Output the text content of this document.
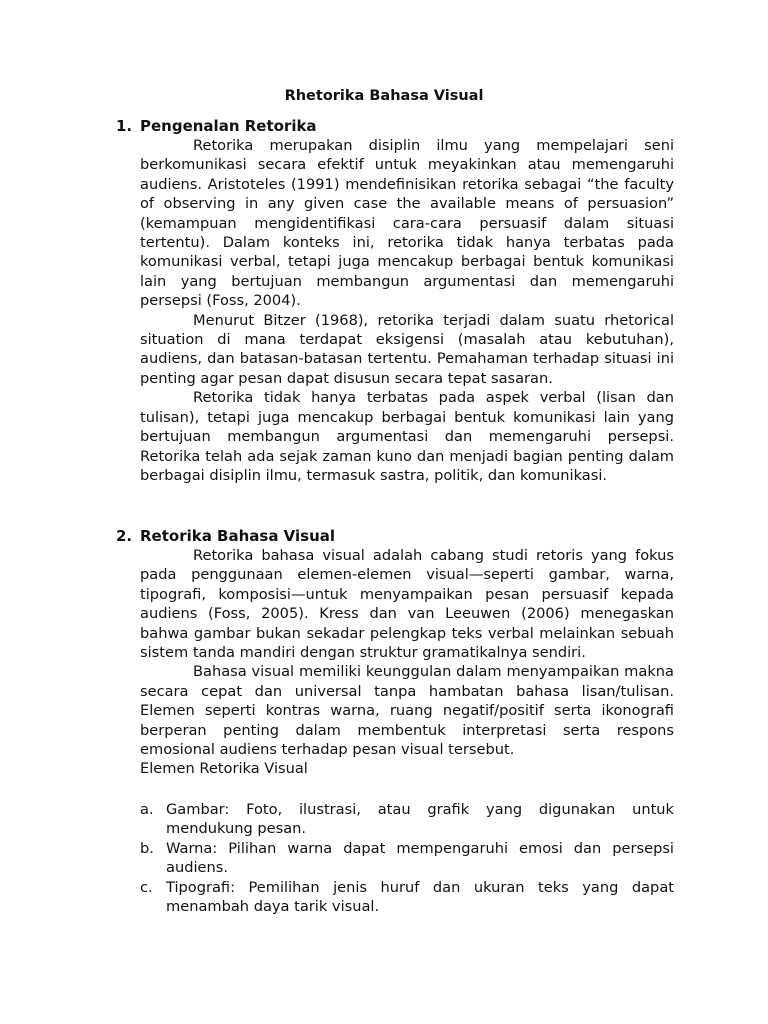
Rhetorika Bahasa Visual
1. Pengenalan Retorika

Retorika merupakan disiplin ilmu yang mempelajari seni berkomunikasi secara efektif untuk meyakinkan atau memengaruhi audiens. Aristoteles (1991) mendefinisikan retorika sebagai “the faculty of observing in any given case the available means of persuasion” (kemampuan mengidentifikasi cara-cara persuasif dalam situasi tertentu). Dalam konteks ini, retorika tidak hanya terbatas pada komunikasi verbal, tetapi juga mencakup berbagai bentuk komunikasi lain yang bertujuan membangun argumentasi dan memengaruhi persepsi (Foss, 2004).

Menurut Bitzer (1968), retorika terjadi dalam suatu rhetorical situation di mana terdapat eksigensi (masalah atau kebutuhan), audiens, dan batasan-batasan tertentu. Pemahaman terhadap situasi ini penting agar pesan dapat disusun secara tepat sasaran.

Retorika tidak hanya terbatas pada aspek verbal (lisan dan tulisan), tetapi juga mencakup berbagai bentuk komunikasi lain yang bertujuan membangun argumentasi dan memengaruhi persepsi. Retorika telah ada sejak zaman kuno dan menjadi bagian penting dalam berbagai disiplin ilmu, termasuk sastra, politik, dan komunikasi.

2. Retorika Bahasa Visual

Retorika bahasa visual adalah cabang studi retoris yang fokus pada penggunaan elemen-elemen visual—seperti gambar, warna, tipografi, komposisi—untuk menyampaikan pesan persuasif kepada audiens (Foss, 2005). Kress dan van Leeuwen (2006) menegaskan bahwa gambar bukan sekadar pelengkap teks verbal melainkan sebuah sistem tanda mandiri dengan struktur gramatikalnya sendiri.

Bahasa visual memiliki keunggulan dalam menyampaikan makna secara cepat dan universal tanpa hambatan bahasa lisan/tulisan. Elemen seperti kontras warna, ruang negatif/positif serta ikonografi berperan penting dalam membentuk interpretasi serta respons emosional audiens terhadap pesan visual tersebut.

Elemen Retorika Visual

a. Gambar: Foto, ilustrasi, atau grafik yang digunakan untuk mendukung pesan.
b. Warna: Pilihan warna dapat mempengaruhi emosi dan persepsi audiens.
c. Tipografi: Pemilihan jenis huruf dan ukuran teks yang dapat menambah daya tarik visual.
